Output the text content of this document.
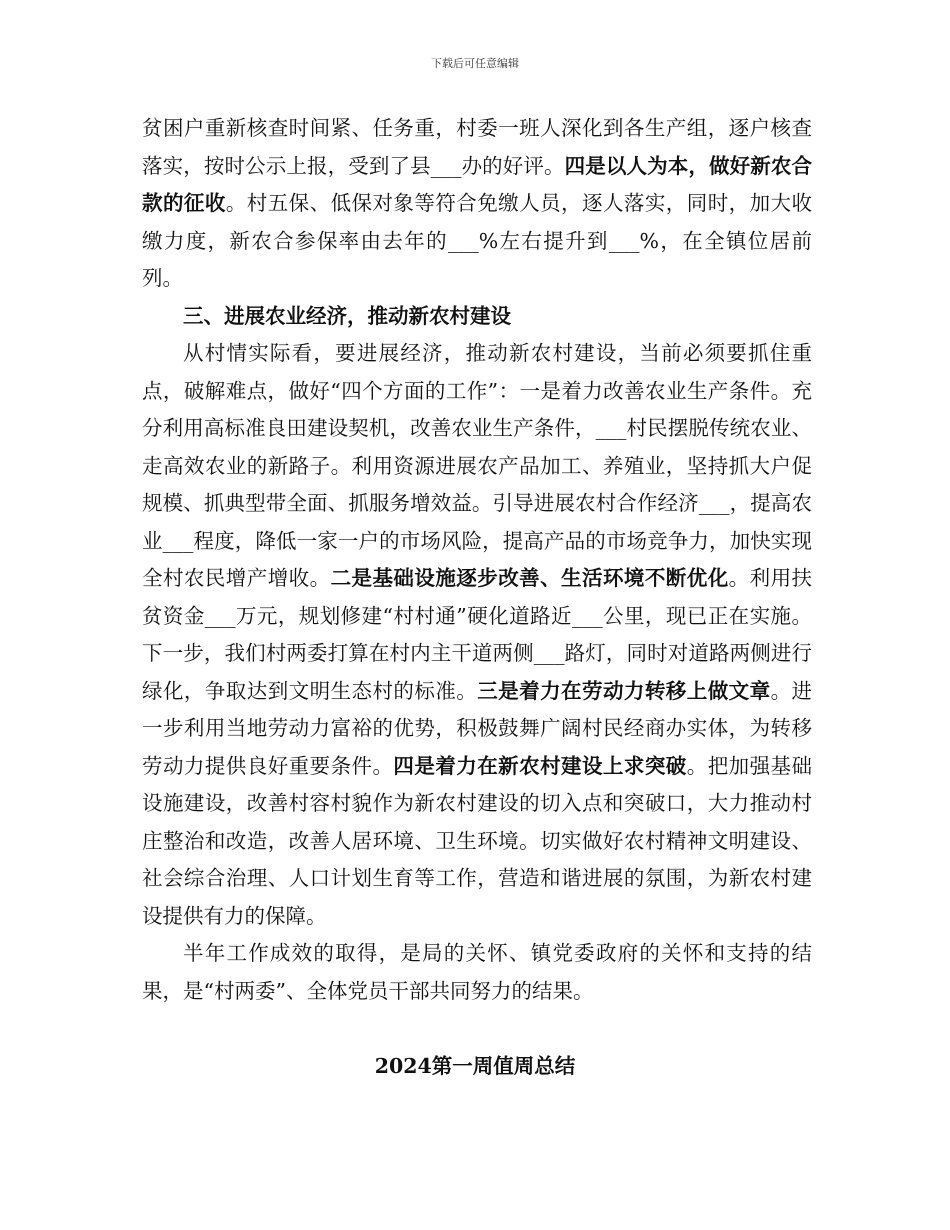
下载后可任意编辑

贫困户重新核查时间紧、任务重，村委一班人深化到各生产组，逐户核查落实，按时公示上报，受到了县___办的好评。四是以人为本，做好新农合款的征收。村五保、低保对象等符合免缴人员，逐人落实，同时，加大收缴力度，新农合参保率由去年的___%左右提升到___%，在全镇位居前列。

三、进展农业经济，推动新农村建设

从村情实际看，要进展经济，推动新农村建设，当前必须要抓住重点，破解难点，做好“四个方面的工作”：一是着力改善农业生产条件。充分利用高标准良田建设契机，改善农业生产条件，___村民摆脱传统农业、走高效农业的新路子。利用资源进展农产品加工、养殖业，坚持抓大户促规模、抓典型带全面、抓服务增效益。引导进展农村合作经济___，提高农业___程度，降低一家一户的市场风险，提高产品的市场竞争力，加快实现全村农民增产增收。二是基础设施逐步改善、生活环境不断优化。利用扶贫资金___万元，规划修建“村村通”硬化道路近___公里，现已正在实施。下一步，我们村两委打算在村内主干道两侧___路灯，同时对道路两侧进行绿化，争取达到文明生态村的标准。三是着力在劳动力转移上做文章。进一步利用当地劳动力富裕的优势，积极鼓舞广阔村民经商办实体，为转移劳动力提供良好重要条件。四是着力在新农村建设上求突破。把加强基础设施建设，改善村容村貌作为新农村建设的切入点和突破口，大力推动村庄整治和改造，改善人居环境、卫生环境。切实做好农村精神文明建设、社会综合治理、人口计划生育等工作，营造和谐进展的氛围，为新农村建设提供有力的保障。

半年工作成效的取得，是局的关怀、镇党委政府的关怀和支持的结果，是“村两委”、全体党员干部共同努力的结果。

2024第一周值周总结
